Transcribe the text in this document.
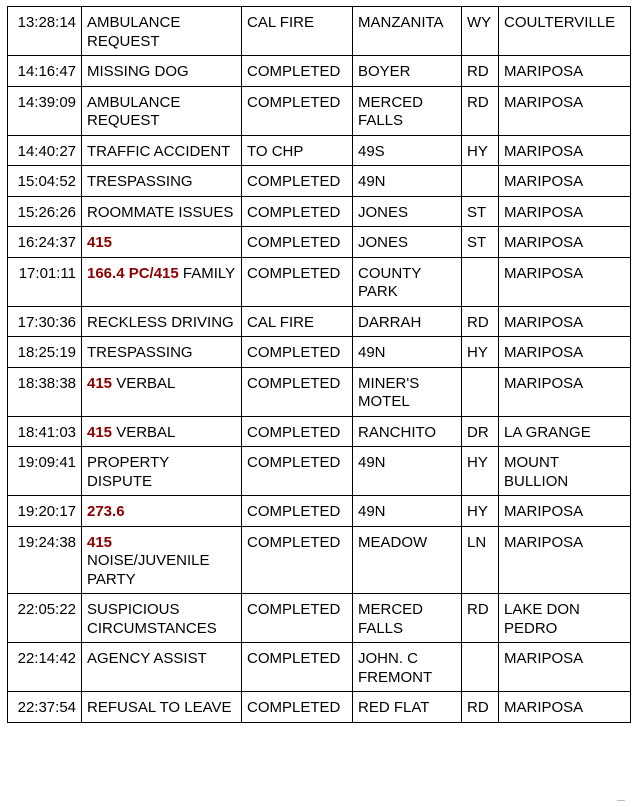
13:28:14	AMBULANCE REQUEST	CAL FIRE	MANZANITA	WY	COULTERVILLE
14:16:47	MISSING DOG	COMPLETED	BOYER	RD	MARIPOSA
14:39:09	AMBULANCE REQUEST	COMPLETED	MERCED FALLS	RD	MARIPOSA
14:40:27	TRAFFIC ACCIDENT	TO CHP	49S	HY	MARIPOSA
15:04:52	TRESPASSING	COMPLETED	49N		MARIPOSA
15:26:26	ROOMMATE ISSUES	COMPLETED	JONES	ST	MARIPOSA
16:24:37	415	COMPLETED	JONES	ST	MARIPOSA
17:01:11	166.4 PC/415 FAMILY	COMPLETED	COUNTY PARK		MARIPOSA
17:30:36	RECKLESS DRIVING	CAL FIRE	DARRAH	RD	MARIPOSA
18:25:19	TRESPASSING	COMPLETED	49N	HY	MARIPOSA
18:38:38	415 VERBAL	COMPLETED	MINER'S MOTEL		MARIPOSA
18:41:03	415 VERBAL	COMPLETED	RANCHITO	DR	LA GRANGE
19:09:41	PROPERTY DISPUTE	COMPLETED	49N	HY	MOUNT BULLION
19:20:17	273.6	COMPLETED	49N	HY	MARIPOSA
19:24:38	415 NOISE/JUVENILE PARTY	COMPLETED	MEADOW	LN	MARIPOSA
22:05:22	SUSPICIOUS CIRCUMSTANCES	COMPLETED	MERCED FALLS	RD	LAKE DON PEDRO
22:14:42	AGENCY ASSIST	COMPLETED	JOHN. C FREMONT		MARIPOSA
22:37:54	REFUSAL TO LEAVE	COMPLETED	RED FLAT	RD	MARIPOSA
